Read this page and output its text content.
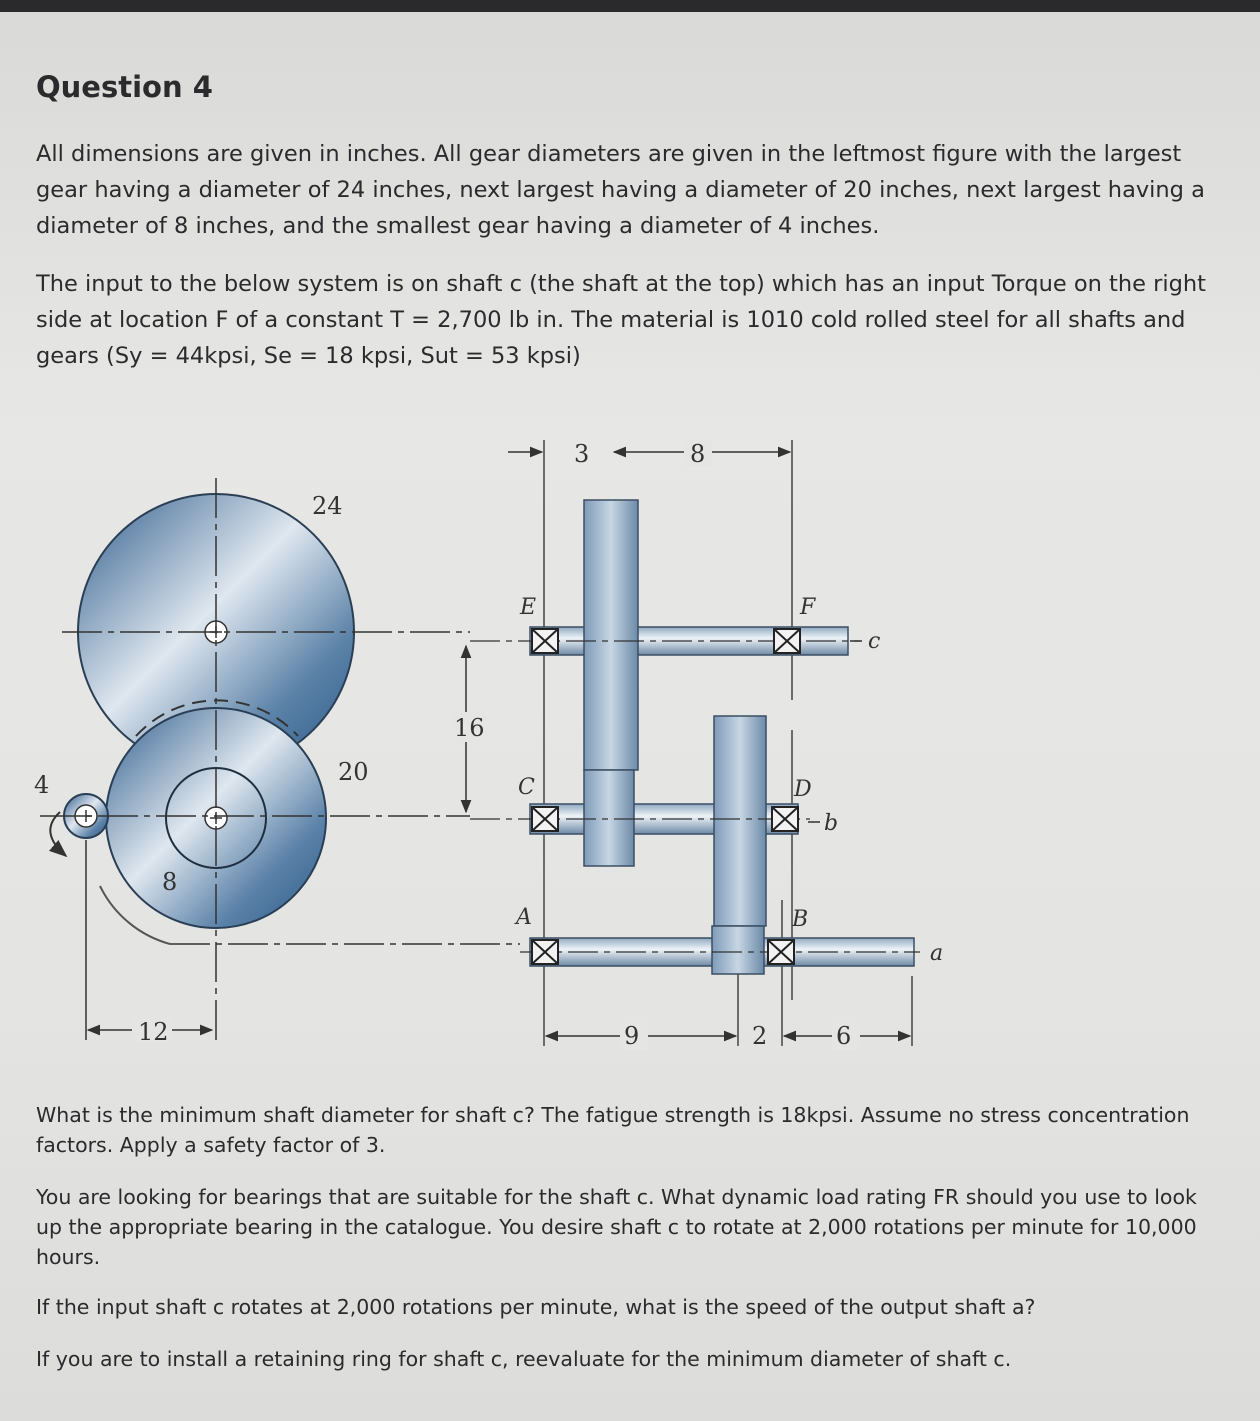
Question 4
All dimensions are given in inches. All gear diameters are given in the leftmost figure with the largest gear having a diameter of 24 inches, next largest having a diameter of 20 inches, next largest having a diameter of 8 inches, and the smallest gear having a diameter of 4 inches.
The input to the below system is on shaft c (the shaft at the top) which has an input Torque on the right side at location F of a constant T = 2,700 lb in. The material is 1010 cold rolled steel for all shafts and gears (Sy = 44kpsi, Se = 18 kpsi, Sut = 53 kpsi)
24
20
8
4
12
16
E	F
C	D
A	B
c
b
a
3	8
9	2	6
What is the minimum shaft diameter for shaft c? The fatigue strength is 18kpsi. Assume no stress concentration factors. Apply a safety factor of 3.
You are looking for bearings that are suitable for the shaft c. What dynamic load rating FR should you use to look up the appropriate bearing in the catalogue. You desire shaft c to rotate at 2,000 rotations per minute for 10,000 hours.
If the input shaft c rotates at 2,000 rotations per minute, what is the speed of the output shaft a?
If you are to install a retaining ring for shaft c, reevaluate for the minimum diameter of shaft c.
